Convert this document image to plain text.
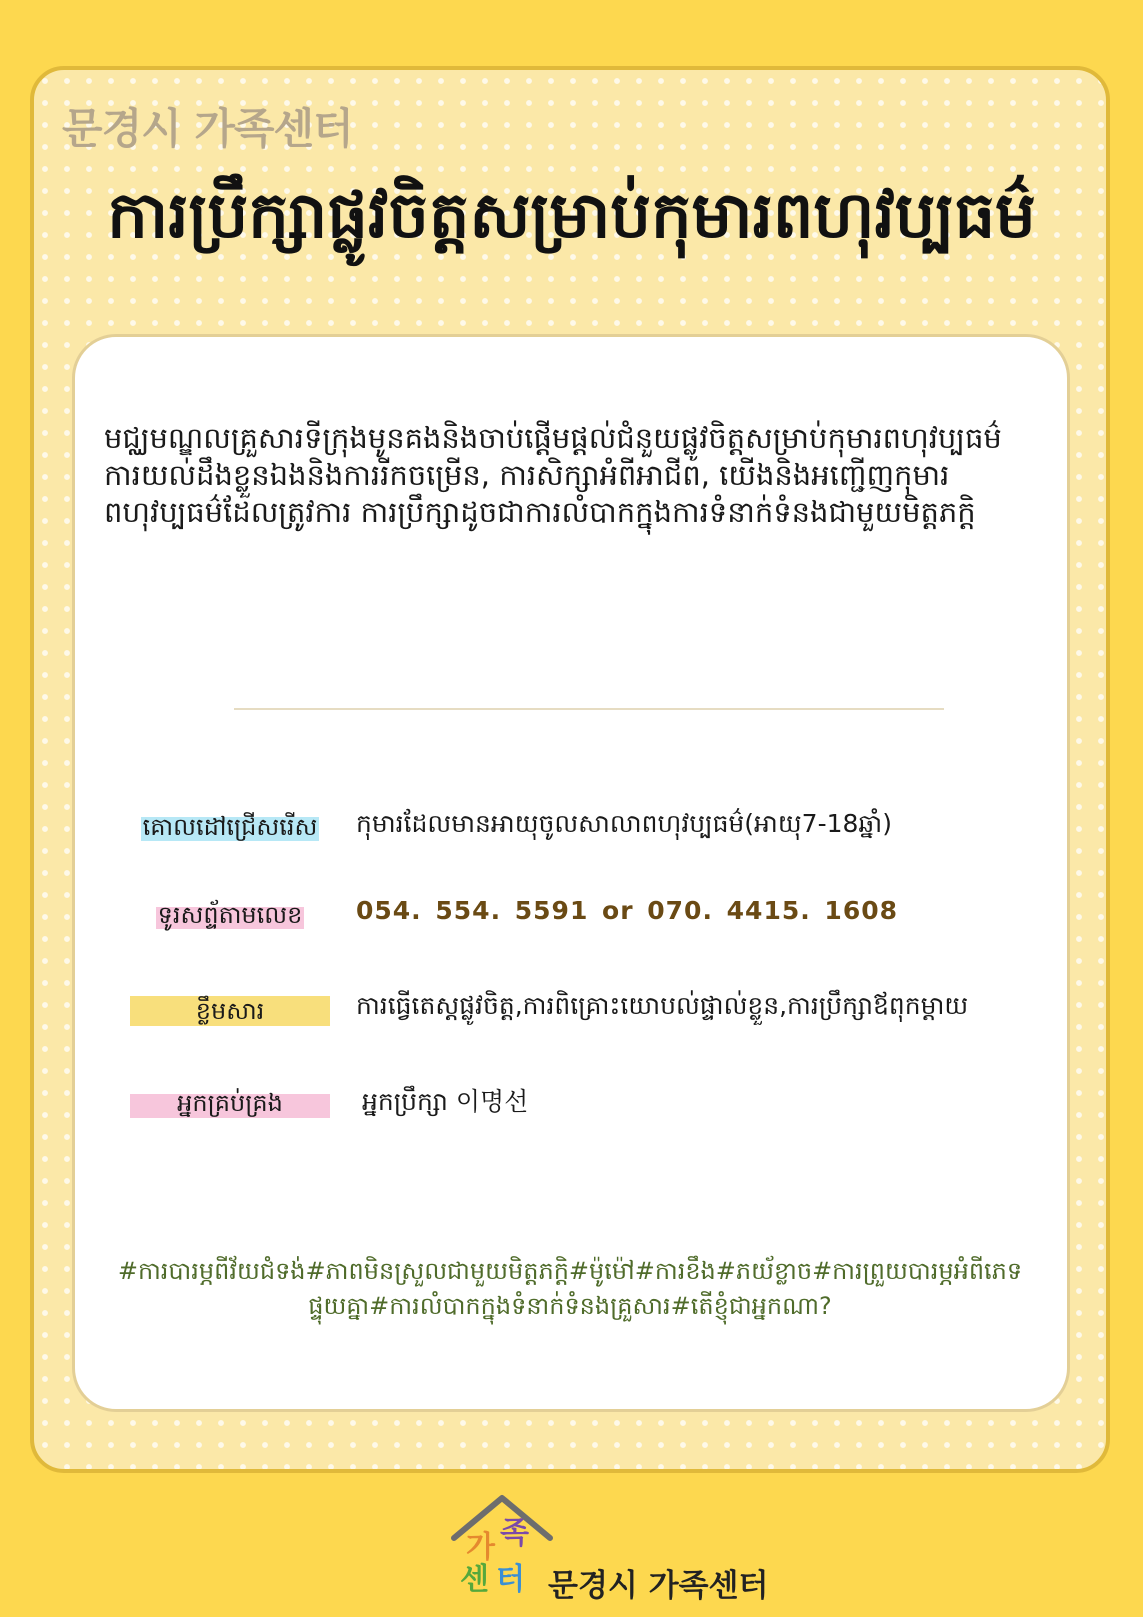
문경시 가족센터
ការប្រឹក្សាផ្លូវចិត្តសម្រាប់កុមារពហុវប្បធម៌

មជ្ឈមណ្ឌលគ្រួសារទីក្រុងមូនគងនិងចាប់ផ្តើមផ្តល់ជំនួយផ្លូវចិត្តសម្រាប់កុមារពហុវប្បធម៌

ការយល់ដឹងខ្លួនឯងនិងការរីកចម្រើន, ការសិក្សាអំពីអាជីព, យើងនិងអញ្ជើញកុមារ

ពហុវប្បធម៌ដែលត្រូវការ ការប្រឹក្សាដូចជាការលំបាកក្នុងការទំនាក់ទំនងជាមួយមិត្តភក្តិ

គោលដៅជ្រើសរើស	កុមារដែលមានអាយុចូលសាលាពហុវប្បធម៌(អាយុ7-18ឆ្នាំ)
ទូរសព្ទ័តាមលេខ	054. 554. 5591 or 070. 4415. 1608
ខ្លឹមសារ	ការធ្វើតេស្តផ្លូវចិត្ត,ការពិគ្រោះយោបល់ផ្ទាល់ខ្លួន,ការប្រឹក្សាឪពុកម្តាយ
អ្នកគ្រប់គ្រង	អ្នកប្រឹក្សា 이명선

#ការបារម្ភពីវ័យជំទង់#ភាពមិនស្រួលជាមួយមិត្តភក្តិ#ម៉ូម៉ៅ#ការខឹង#ភយ័ខ្លាច#ការព្រួយបារម្ភអំពីភេទផ្ទុយគ្នា#ការលំបាកក្នុងទំនាក់ទំនងគ្រួសារ#តើខ្ញុំជាអ្នកណា?

가 족
센 터 문경시 가족센터
